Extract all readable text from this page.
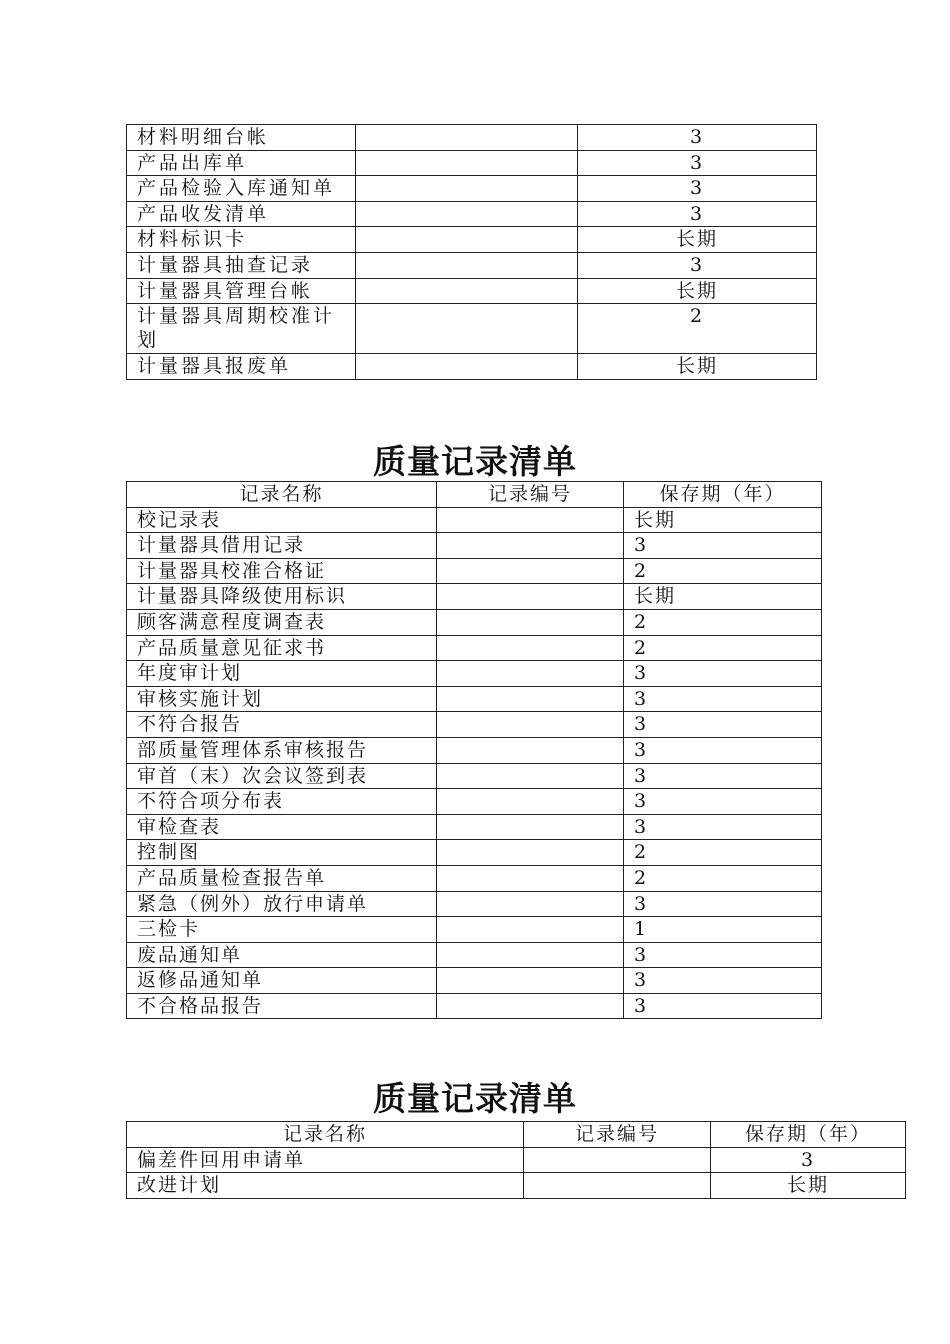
材料明细台帐		3
产品出库单		3
产品检验入库通知单		3
产品收发清单		3
材料标识卡		长期
计量器具抽查记录		3
计量器具管理台帐		长期
计量器具周期校准计划		2
计量器具报废单		长期
质量记录清单
记录名称	记录编号	保存期（年）
校记录表		长期
计量器具借用记录		3
计量器具校准合格证		2
计量器具降级使用标识		长期
顾客满意程度调查表		2
产品质量意见征求书		2
年度审计划		3
审核实施计划		3
不符合报告		3
部质量管理体系审核报告		3
审首（末）次会议签到表		3
不符合项分布表		3
审检查表		3
控制图		2
产品质量检查报告单		2
紧急（例外）放行申请单		3
三检卡		1
废品通知单		3
返修品通知单		3
不合格品报告		3
质量记录清单
记录名称	记录编号	保存期（年）
偏差件回用申请单		3
改进计划		长期
